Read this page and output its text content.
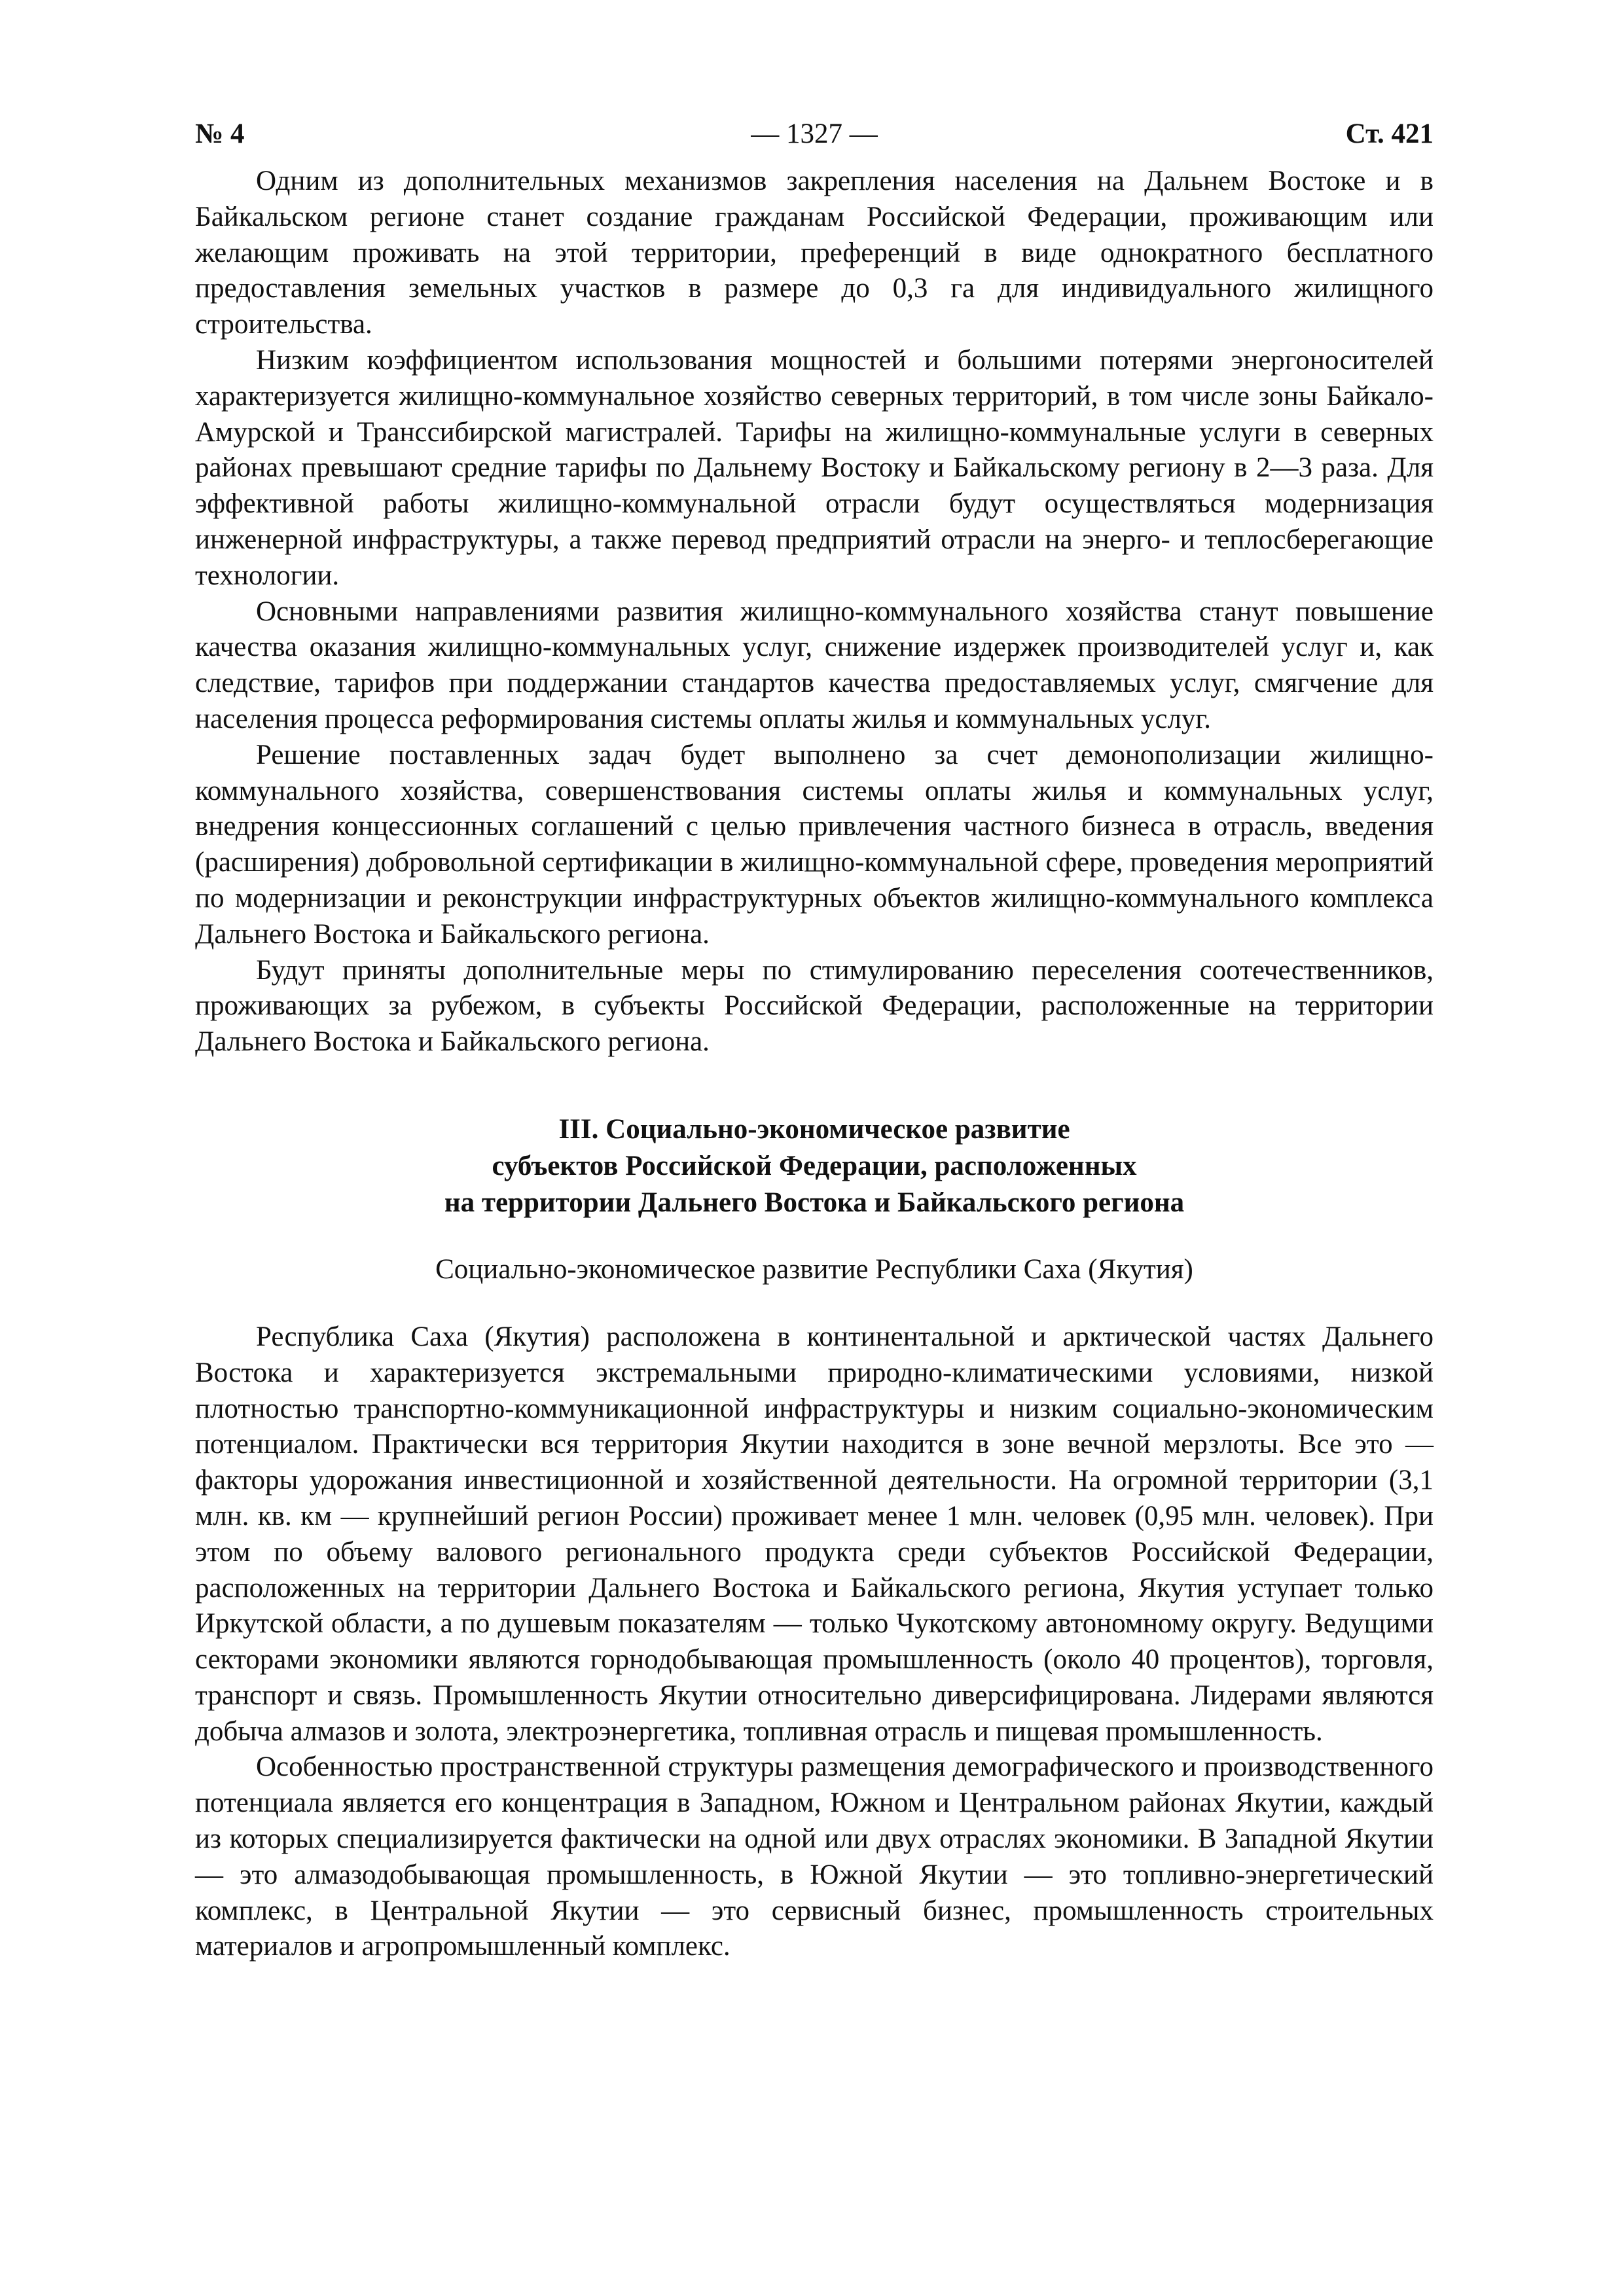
№ 4	— 1327 —	Ст. 421

Одним из дополнительных механизмов закрепления населения на Дальнем Востоке и в Байкальском регионе станет создание гражданам Российской Федерации, проживающим или желающим проживать на этой территории, преференций в виде однократного бесплатного предоставления земельных участков в размере до 0,3 га для индивидуального жилищного строительства.

Низким коэффициентом использования мощностей и большими потерями энергоносителей характеризуется жилищно-коммунальное хозяйство северных территорий, в том числе зоны Байкало-Амурской и Транссибирской магистралей. Тарифы на жилищно-коммунальные услуги в северных районах превышают средние тарифы по Дальнему Востоку и Байкальскому региону в 2—3 раза. Для эффективной работы жилищно-коммунальной отрасли будут осуществляться модернизация инженерной инфраструктуры, а также перевод предприятий отрасли на энерго- и теплосберегающие технологии.

Основными направлениями развития жилищно-коммунального хозяйства станут повышение качества оказания жилищно-коммунальных услуг, снижение издержек производителей услуг и, как следствие, тарифов при поддержании стандартов качества предоставляемых услуг, смягчение для населения процесса реформирования системы оплаты жилья и коммунальных услуг.

Решение поставленных задач будет выполнено за счет демонополизации жилищно-коммунального хозяйства, совершенствования системы оплаты жилья и коммунальных услуг, внедрения концессионных соглашений с целью привлечения частного бизнеса в отрасль, введения (расширения) добровольной сертификации в жилищно-коммунальной сфере, проведения мероприятий по модернизации и реконструкции инфраструктурных объектов жилищно-коммунального комплекса Дальнего Востока и Байкальского региона.

Будут приняты дополнительные меры по стимулированию переселения соотечественников, проживающих за рубежом, в субъекты Российской Федерации, расположенные на территории Дальнего Востока и Байкальского региона.

III. Социально-экономическое развитие
субъектов Российской Федерации, расположенных
на территории Дальнего Востока и Байкальского региона
Социально-экономическое развитие Республики Саха (Якутия)

Республика Саха (Якутия) расположена в континентальной и арктической частях Дальнего Востока и характеризуется экстремальными природно-климатическими условиями, низкой плотностью транспортно-коммуникационной инфраструктуры и низким социально-экономическим потенциалом. Практически вся территория Якутии находится в зоне вечной мерзлоты. Все это — факторы удорожания инвестиционной и хозяйственной деятельности. На огромной территории (3,1 млн. кв. км — крупнейший регион России) проживает менее 1 млн. человек (0,95 млн. человек). При этом по объему валового регионального продукта среди субъектов Российской Федерации, расположенных на территории Дальнего Востока и Байкальского региона, Якутия уступает только Иркутской области, а по душевым показателям — только Чукотскому автономному округу. Ведущими секторами экономики являются горнодобывающая промышленность (около 40 процентов), торговля, транспорт и связь. Промышленность Якутии относительно диверсифицирована. Лидерами являются добыча алмазов и золота, электроэнергетика, топливная отрасль и пищевая промышленность.

Особенностью пространственной структуры размещения демографического и производственного потенциала является его концентрация в Западном, Южном и Центральном районах Якутии, каждый из которых специализируется фактически на одной или двух отраслях экономики. В Западной Якутии — это алмазодобывающая промышленность, в Южной Якутии — это топливно-энергетический комплекс, в Центральной Якутии — это сервисный бизнес, промышленность строительных материалов и агропромышленный комплекс.
